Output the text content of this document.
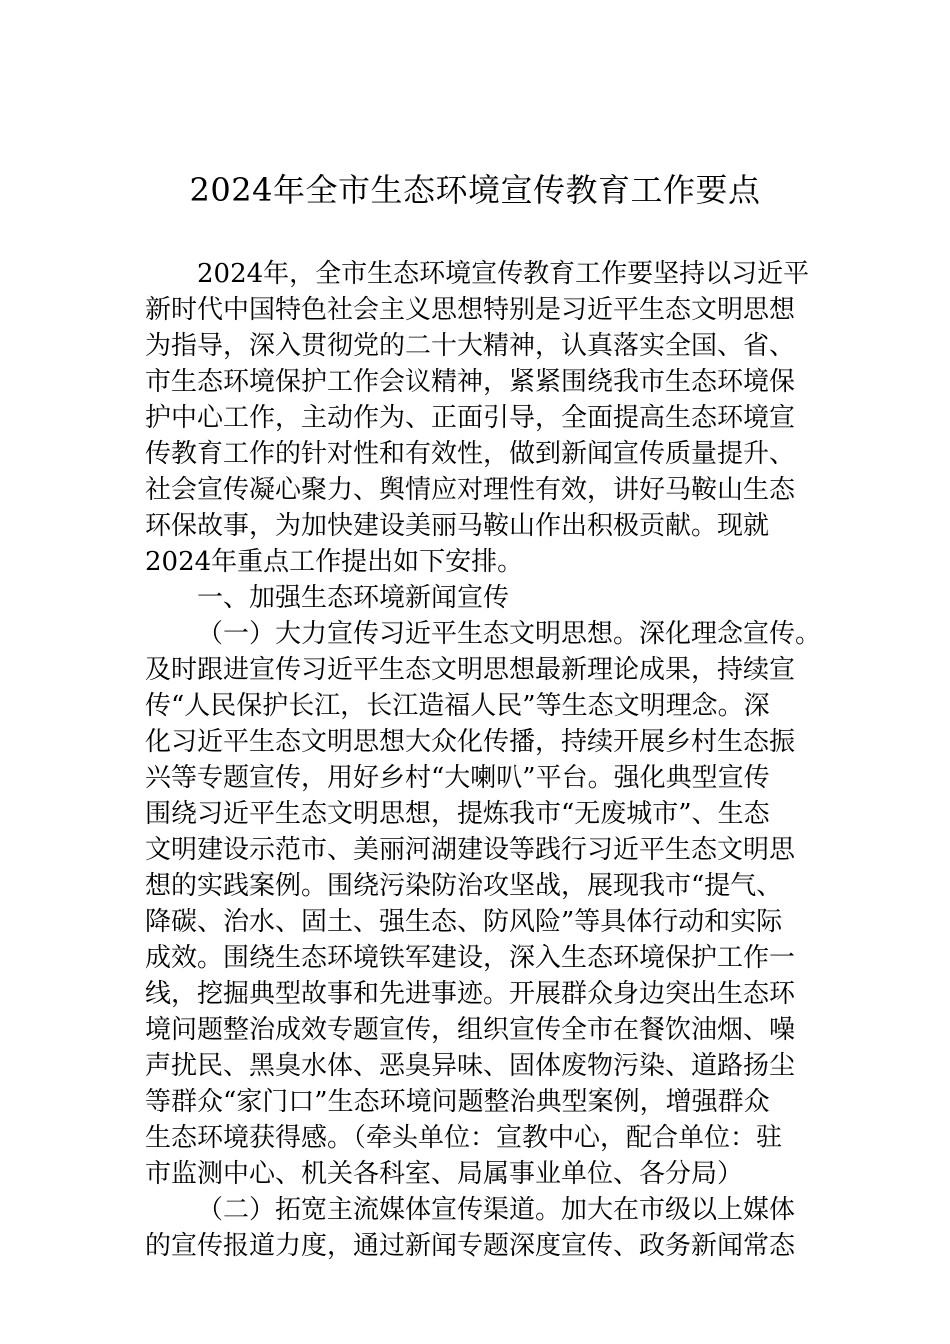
2024年全市生态环境宣传教育工作要点
2024年，全市生态环境宣传教育工作要坚持以习近平
新时代中国特色社会主义思想特别是习近平生态文明思想
为指导，深入贯彻党的二十大精神，认真落实全国、省、
市生态环境保护工作会议精神，紧紧围绕我市生态环境保
护中心工作，主动作为、正面引导，全面提高生态环境宣
传教育工作的针对性和有效性，做到新闻宣传质量提升、
社会宣传凝心聚力、舆情应对理性有效，讲好马鞍山生态
环保故事，为加快建设美丽马鞍山作出积极贡献。现就
2024年重点工作提出如下安排。
一、加强生态环境新闻宣传
（一）大力宣传习近平生态文明思想。深化理念宣传。
及时跟进宣传习近平生态文明思想最新理论成果，持续宣
传“人民保护长江，长江造福人民”等生态文明理念。深
化习近平生态文明思想大众化传播，持续开展乡村生态振
兴等专题宣传，用好乡村“大喇叭”平台。强化典型宣传
围绕习近平生态文明思想，提炼我市“无废城市”、生态
文明建设示范市、美丽河湖建设等践行习近平生态文明思
想的实践案例。围绕污染防治攻坚战，展现我市“提气、
降碳、治水、固土、强生态、防风险”等具体行动和实际
成效。围绕生态环境铁军建设，深入生态环境保护工作一
线，挖掘典型故事和先进事迹。开展群众身边突出生态环
境问题整治成效专题宣传，组织宣传全市在餐饮油烟、噪
声扰民、黑臭水体、恶臭异味、固体废物污染、道路扬尘
等群众“家门口”生态环境问题整治典型案例，增强群众
生态环境获得感。（牵头单位：宣教中心，配合单位：驻
市监测中心、机关各科室、局属事业单位、各分局）
（二）拓宽主流媒体宣传渠道。加大在市级以上媒体
的宣传报道力度，通过新闻专题深度宣传、政务新闻常态
